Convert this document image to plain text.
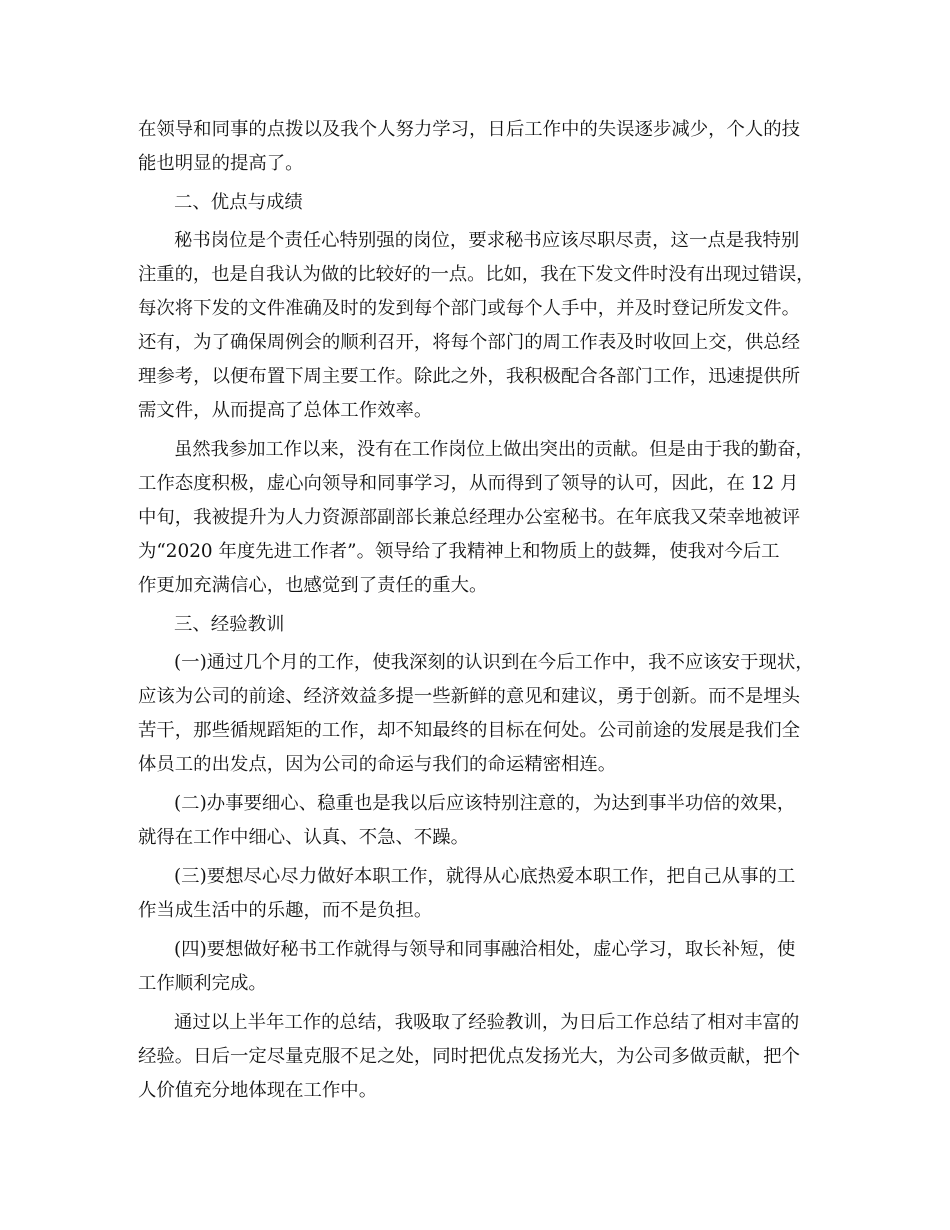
在领导和同事的点拨以及我个人努力学习，日后工作中的失误逐步减少，个人的技

能也明显的提高了。

二、优点与成绩

秘书岗位是个责任心特别强的岗位，要求秘书应该尽职尽责，这一点是我特别

注重的，也是自我认为做的比较好的一点。比如，我在下发文件时没有出现过错误，

每次将下发的文件准确及时的发到每个部门或每个人手中，并及时登记所发文件。

还有，为了确保周例会的顺利召开，将每个部门的周工作表及时收回上交，供总经

理参考，以便布置下周主要工作。除此之外，我积极配合各部门工作，迅速提供所

需文件，从而提高了总体工作效率。

虽然我参加工作以来，没有在工作岗位上做出突出的贡献。但是由于我的勤奋，

工作态度积极，虚心向领导和同事学习，从而得到了领导的认可，因此，在 12 月

中旬，我被提升为人力资源部副部长兼总经理办公室秘书。在年底我又荣幸地被评

为“2020 年度先进工作者”。领导给了我精神上和物质上的鼓舞，使我对今后工

作更加充满信心，也感觉到了责任的重大。

三、经验教训

(一)通过几个月的工作，使我深刻的认识到在今后工作中，我不应该安于现状，

应该为公司的前途、经济效益多提一些新鲜的意见和建议，勇于创新。而不是埋头

苦干，那些循规蹈矩的工作，却不知最终的目标在何处。公司前途的发展是我们全

体员工的出发点，因为公司的命运与我们的命运精密相连。

(二)办事要细心、稳重也是我以后应该特别注意的，为达到事半功倍的效果，

就得在工作中细心、认真、不急、不躁。

(三)要想尽心尽力做好本职工作，就得从心底热爱本职工作，把自己从事的工

作当成生活中的乐趣，而不是负担。

(四)要想做好秘书工作就得与领导和同事融洽相处，虚心学习，取长补短，使

工作顺利完成。

通过以上半年工作的总结，我吸取了经验教训，为日后工作总结了相对丰富的

经验。日后一定尽量克服不足之处，同时把优点发扬光大，为公司多做贡献，把个

人价值充分地体现在工作中。
